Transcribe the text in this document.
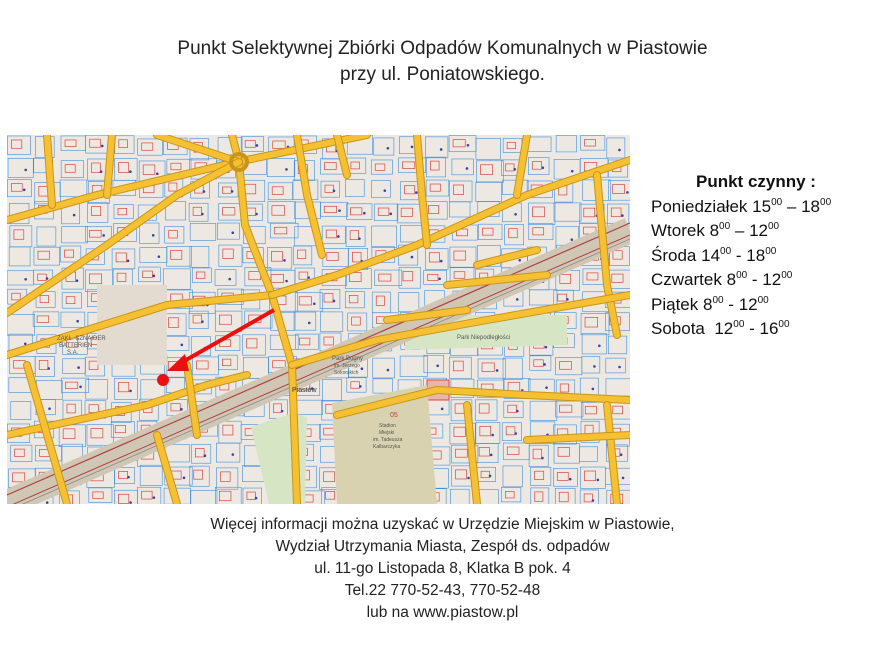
Punkt Selektywnej Zbiórki Odpadów Komunalnych w Piastowie
przy ul. Poniatowskiego.
Park Bogny
im. Jerzego
Sokorskich
Park Niepodległości
ZAKŁ. SZNAIDER
BATTERIEN
S.A.
Stadion
Miejski
im. Tadeusza
Kalbarczyka
Piastów
05
Punkt czynny :
Poniedziałek $15^{00} - 18^{00}$
Wtorek $8^{00} - 12^{00}$
Środa $14^{00} - 18^{00}$
Czwartek $8^{00} - 12^{00}$
Piątek $8^{00} - 12^{00}$
Sobota  $12^{00} - 16^{00}$
Więcej informacji można uzyskać w Urzędzie Miejskim w Piastowie,
Wydział Utrzymania Miasta, Zespół ds. odpadów
ul. 11-go Listopada 8, Klatka B pok. 4
Tel.22 770-52-43, 770-52-48
lub na www.piastow.pl
